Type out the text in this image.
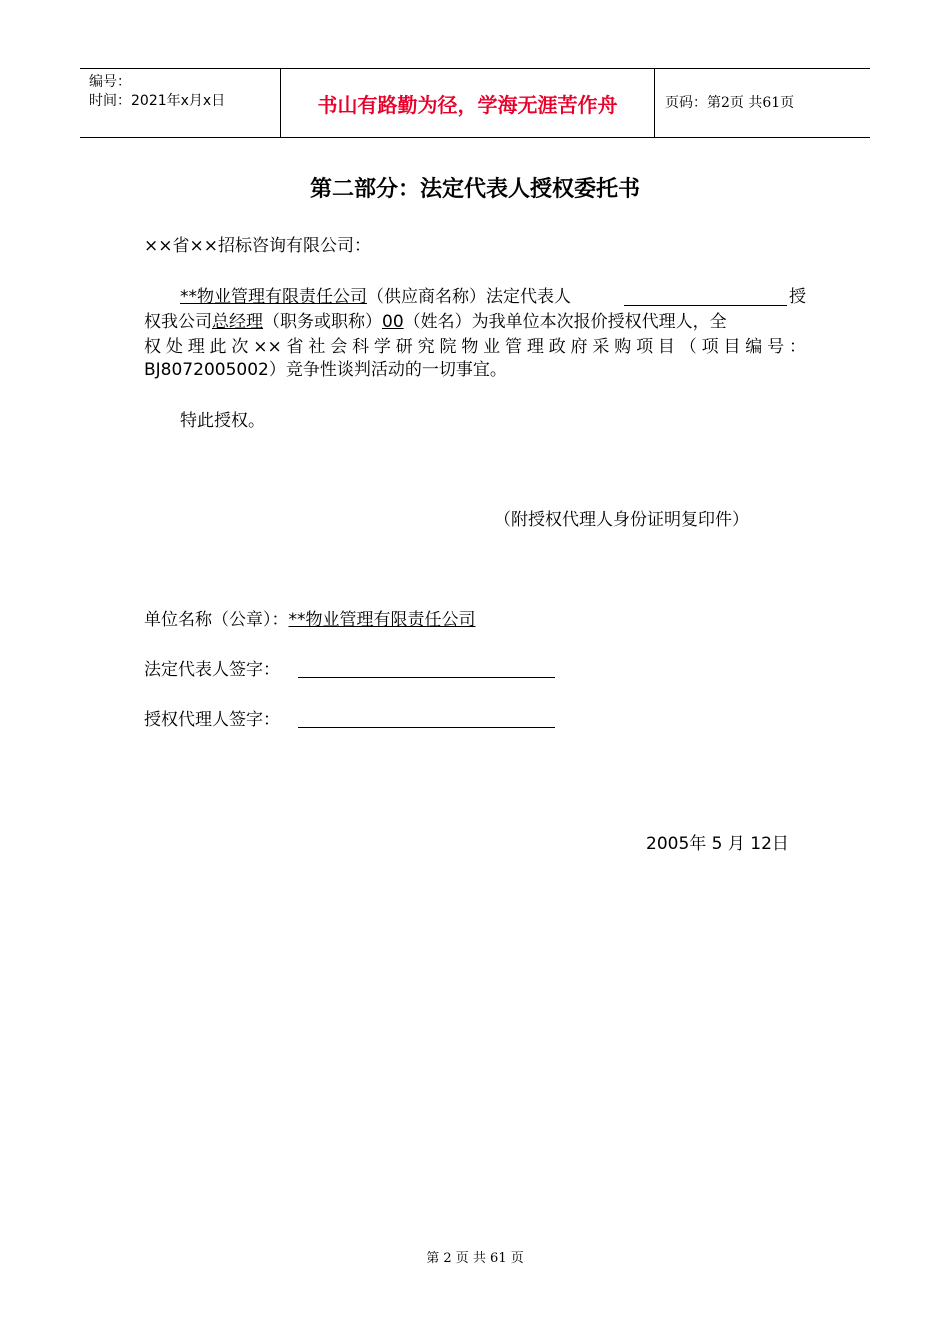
编号：
时间：2021年x月x日	书山有路勤为径，学海无涯苦作舟	页码：第2页 共61页
第二部分：法定代表人授权委托书
××省××招标咨询有限公司：
**物业管理有限责任公司（供应商名称）法定代表人	授
权我公司总经理（职务或职称）00（姓名）为我单位本次报价授权代理人，全
权处理此次××省社会科学研究院物业管理政府采购项目（项目编号：
BJ8072005002）竞争性谈判活动的一切事宜。
特此授权。
（附授权代理人身份证明复印件）
单位名称（公章）：**物业管理有限责任公司
法定代表人签字：
授权代理人签字：
2005年 5 月 12日
第 2 页 共 61 页
